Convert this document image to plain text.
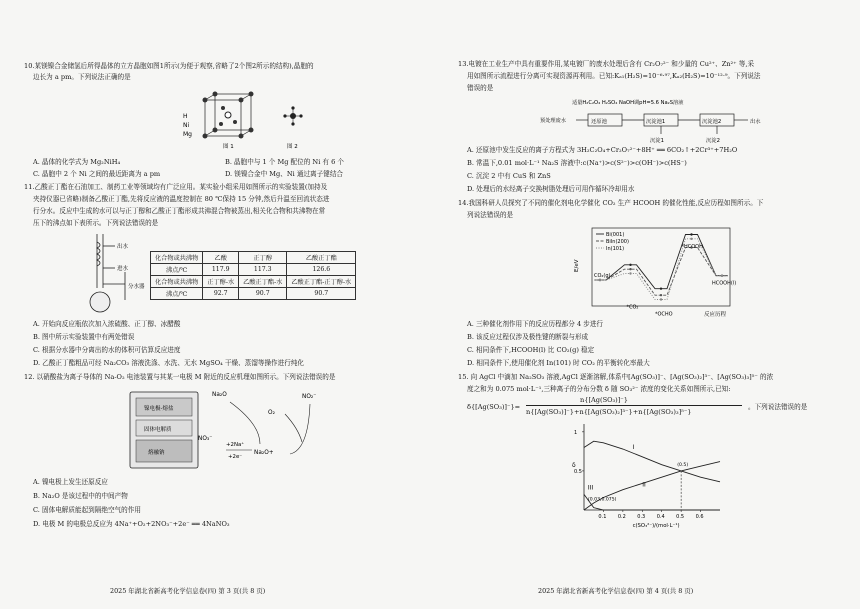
10.某镁镍合金储氢后所得晶体的立方晶胞如图1所示(为便于观察,省略了2个图2所示的结构),晶胞的
边长为 a pm。下列说法正确的是
H
Ni
Mg
图 1	图 2
A. 晶体的化学式为 Mg₂NiH₄	B. 晶胞中与 1 个 Mg 配位的 Ni 有 6 个
C. 晶胞中 2 个 Ni 之间的最近距离为 a pm	D. 镁镍合金中 Mg、Ni 通过离子键结合
11.乙酸正丁酯在石油加工、制药工业等领域均有广泛应用。某实验小组采用如图所示的实验装置(加持及
夹持仪器已省略)制备乙酸正丁酯,先将反应液的温度控制在 80 ℃保持 15 分钟,然后升温至回流状态进
行分水。反应中生成的水可以与正丁醇和乙酸正丁酯形成共沸混合物被蒸出,相关化合物和共沸物在常
压下的沸点如下表所示。下列说法错误的是
出水
进水
分水器
化合物或共沸物	乙酸	正丁醇	乙酸正丁酯
沸点/℃	117.9	117.3	126.6
化合物或共沸物	正丁醇-水	乙酸正丁酯-水	乙酸正丁酯-正丁醇-水
沸点/℃	92.7	90.7	90.7
A. 开始向反应瓶依次加入浓硫酸、正丁醇、冰醋酸
B. 图中所示实验装置中有两处错误
C. 根据分水器中分离出的水的体积可估算反应进度
D. 乙酸正丁酯粗品可经 Na₂CO₃ 溶液洗涤、水洗、无水 MgSO₄ 干燥、蒸馏等操作进行纯化
12. 以硝酸盐为离子导体的 Na-O₂ 电池装置与其某一电极 M 附近的反应机理如图所示。下列说法错误的是
镍电极-熔盐
固体电解质
熔融钠
Na₂O
NO₃⁻
O₂
NO₂⁻
+2Na⁺
+2e⁻
Na₂O+
A. 镍电极上发生还原反应
B. Na₂O 是该过程中的中间产物
C. 固体电解质能起到隔绝空气的作用
D. 电极 M 的电极总反应为 4Na⁺+O₂+2NO₃⁻+2e⁻ ══ 4NaNO₃
2025 年湖北省新高考化学信息卷(四) 第 3 页(共 8 页)
13.电镀在工业生产中具有重要作用,某电镀厂的废水处理后含有 Cr₂O₇²⁻ 和少量的 Cu²⁺、Zn²⁺ 等,采
用如图所示流程进行分离可实现资源再利用。已知:Kₐ₁(H₂S)=10⁻⁶·⁹⁷,Kₐ₂(H₂S)=10⁻¹²·⁹。下列说法
错误的是
适量H₂C₂O₄ H₂SO₄ NaOH调pH=5.6 Na₂S溶液
预处理废水	还原池	沉淀池1	沉淀池2	出水
沉淀1	沉淀2
A. 还原池中发生反应的离子方程式为 3H₂C₂O₄+Cr₂O₇²⁻+8H⁺ ══ 6CO₂↑+2Cr³⁺+7H₂O
B. 常温下,0.01 mol·L⁻¹ Na₂S 溶液中:c(Na⁺)>c(S²⁻)>c(OH⁻)>c(HS⁻)
C. 沉淀 2 中有 CuS 和 ZnS
D. 处理后的水经离子交换树脂处理后可用作循环冷却用水
14.我国科研人员探究了不同的催化剂电化学催化 CO₂ 生产 HCOOH 的催化性能,反应历程如图所示。下
列说法错误的是
E/eV
反应历程
Bi(001)
BiIn(200)
In(101)
CO₂(g)
*CO₂
*OCHO
*HCOOH
HCOOH(l)
A. 三种催化剂作用下的反应历程都分 4 步进行
B. 该反应过程仅涉及极性键的断裂与形成
C. 相同条件下,HCOOH(l) 比 CO₂(g) 稳定
D. 相同条件下,使用催化剂 In(101) 时 CO₂ 的平衡转化率最大
15. 向 AgCl 中滴加 Na₂SO₃ 溶液,AgCl 逐渐溶解,体系中[Ag(SO₃)]⁻、[Ag(SO₃)₂]³⁻、[Ag(SO₃)₃]⁵⁻ 的浓
度之和为 0.075 mol·L⁻¹,三种离子的分布分数 δ 随 SO₃²⁻ 浓度的变化关系如图所示,已知:
δ{[Ag(SO₃)]⁻}=
n{[Ag(SO₃)]⁻}
n{[Ag(SO₃)]⁻}+n{[Ag(SO₃)₂]³⁻}+n{[Ag(SO₃)₃]⁵⁻}
。下列说法错误的是
δ
c(SO₃²⁻)/(mol·L⁻¹)
0.1 0.2 0.3 0.4 0.5 0.6
1
0.5
I
II
III
(0.03,0.075)
(0.5)
2025 年湖北省新高考化学信息卷(四) 第 4 页(共 8 页)
